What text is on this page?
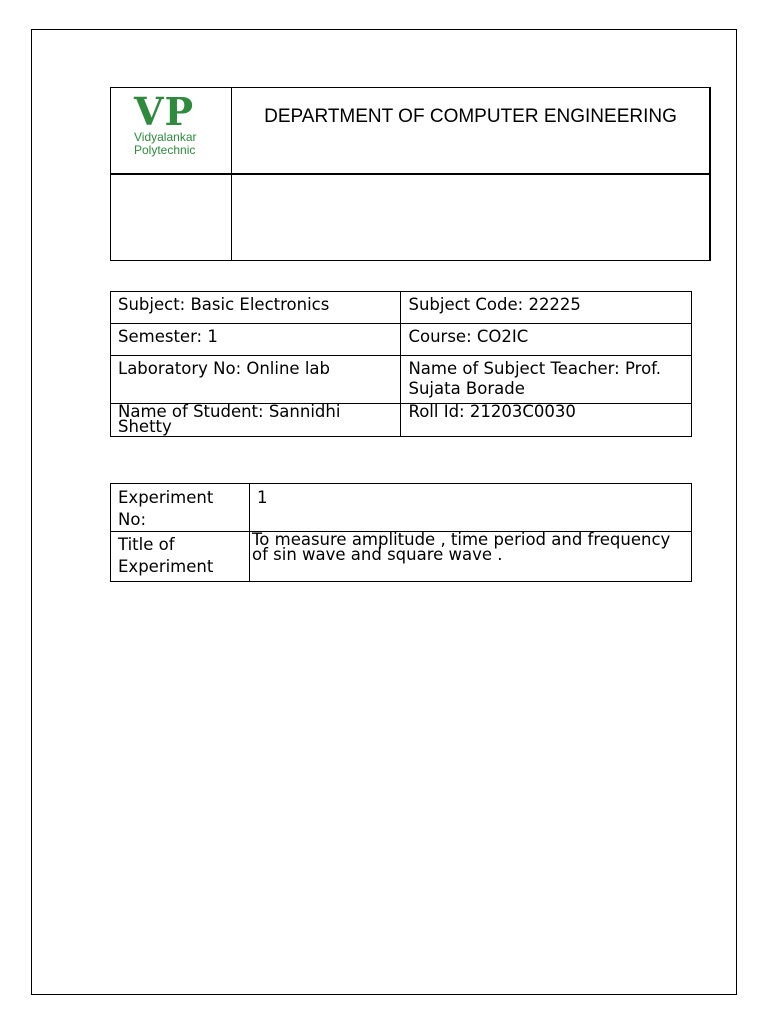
VP
Vidyalankar
Polytechnic
DEPARTMENT OF COMPUTER ENGINEERING
Subject: Basic Electronics	Subject Code: 22225
Semester: 1	Course: CO2IC
Laboratory No: Online lab	Name of Subject Teacher: Prof. Sujata Borade
Name of Student: Sannidhi Shetty	Roll Id: 21203C0030
Experiment No:	1
Title of Experiment	To measure amplitude , time period and frequency of sin wave and square wave .
